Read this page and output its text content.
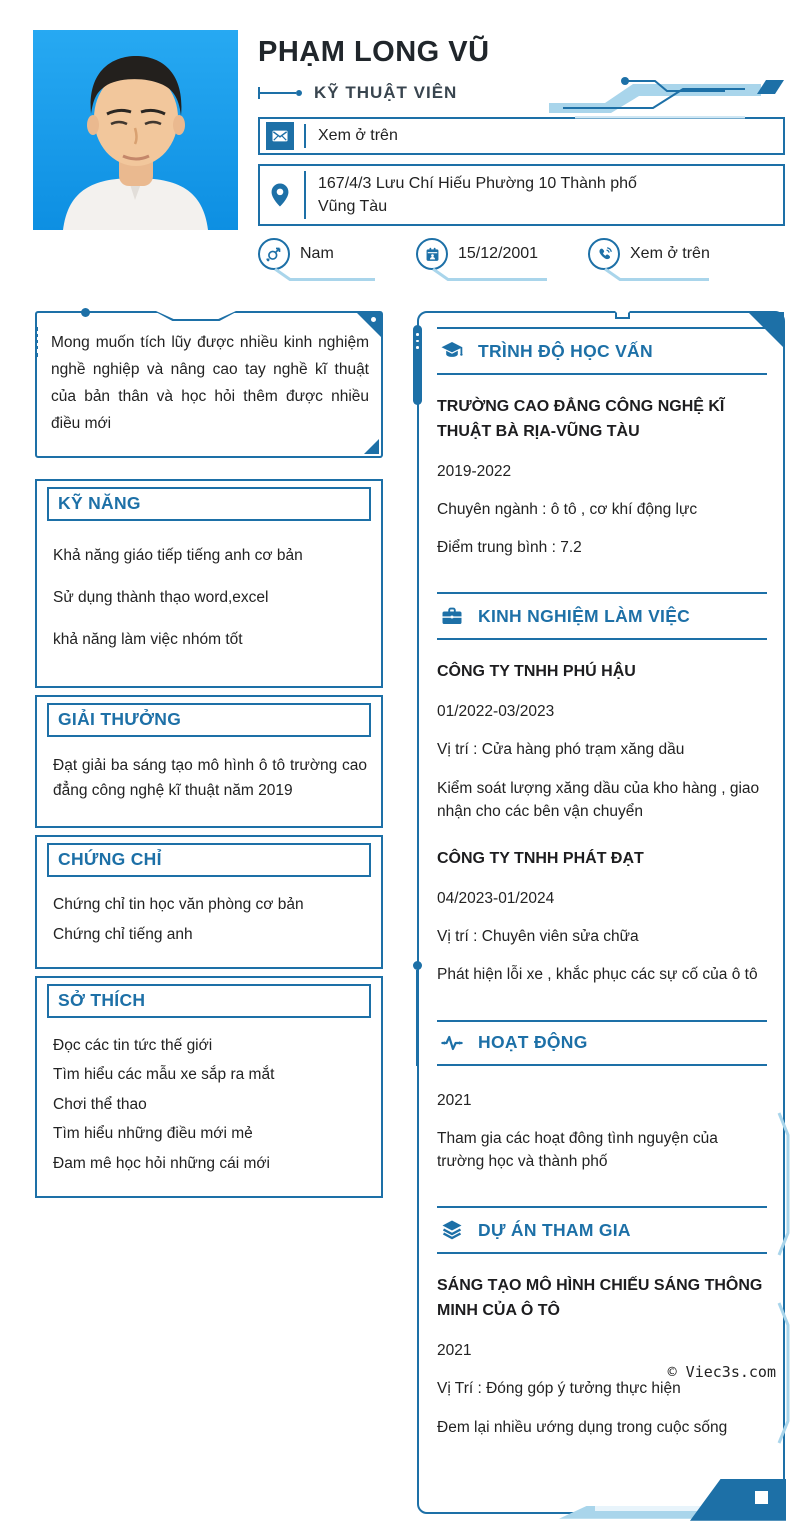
PHẠM LONG VŨ
KỸ THUẬT VIÊN
Xem ở trên
167/4/3 Lưu Chí Hiếu Phường 10 Thành phố Vũng Tàu
Nam	15/12/2001	Xem ở trên
Mong muốn tích lũy được nhiều kinh nghiệm nghề nghiệp và nâng cao tay nghề kĩ thuật của bản thân và học hỏi thêm được nhiều điều mới
KỸ NĂNG
Khả năng giáo tiếp tiếng anh cơ bản
Sử dụng thành thạo word,excel
khả năng làm việc nhóm tốt
GIẢI THƯỞNG
Đạt giải ba sáng tạo mô hình ô tô trường cao đẳng công nghệ kĩ thuật năm 2019
CHỨNG CHỈ
Chứng chỉ tin học văn phòng cơ bản
Chứng chỉ tiếng anh
SỞ THÍCH
Đọc các tin tức thế giới
Tìm hiểu các mẫu xe sắp ra mắt
Chơi thể thao
Tìm hiểu những điều mới mẻ
Đam mê học hỏi những cái mới
TRÌNH ĐỘ HỌC VẤN
TRƯỜNG CAO ĐẲNG CÔNG NGHỆ KĨ THUẬT BÀ RỊA-VŨNG TÀU
2019-2022
Chuyên ngành : ô tô , cơ khí động lực
Điểm trung bình : 7.2
KINH NGHIỆM LÀM VIỆC
CÔNG TY TNHH PHÚ HẬU
01/2022-03/2023
Vị trí : Cửa hàng phó trạm xăng dầu
Kiểm soát lượng xăng dầu của kho hàng , giao nhận cho các bên vận chuyển
CÔNG TY TNHH PHÁT ĐẠT
04/2023-01/2024
Vị trí : Chuyên viên sửa chữa
Phát hiện lỗi xe , khắc phục các sự cố của ô tô
HOẠT ĐỘNG
2021
Tham gia các hoạt đông tình nguyện của trường học và thành phố
DỰ ÁN THAM GIA
SÁNG TẠO MÔ HÌNH CHIẾU SÁNG THÔNG MINH CỦA Ô TÔ
2021
Vị Trí : Đóng góp ý tưởng thực hiện
Đem lại nhiều ướng dụng trong cuộc sống
© Viec3s.com
